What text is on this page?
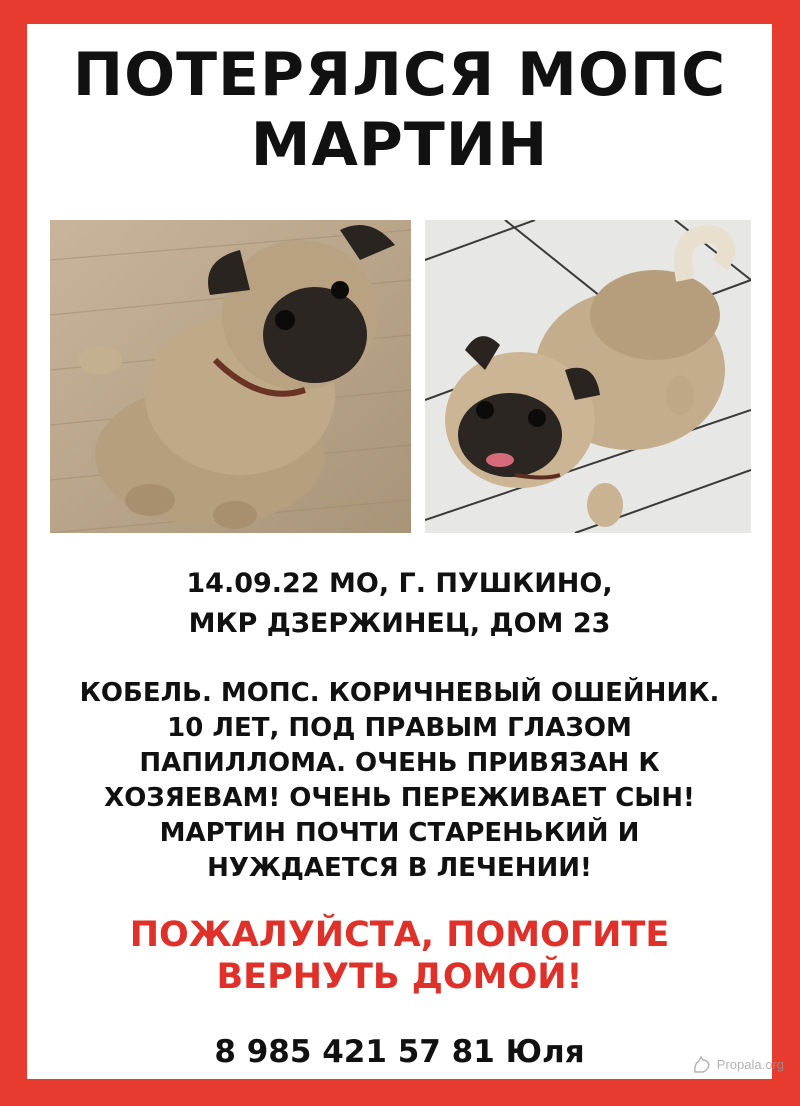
ПОТЕРЯЛСЯ МОПС
МАРТИН
14.09.22 МО, Г. ПУШКИНО,
МКР ДЗЕРЖИНЕЦ, ДОМ 23
КОБЕЛЬ. МОПС. КОРИЧНЕВЫЙ ОШЕЙНИК.
10 ЛЕТ, ПОД ПРАВЫМ ГЛАЗОМ
ПАПИЛЛОМА. ОЧЕНЬ ПРИВЯЗАН К
ХОЗЯЕВАМ! ОЧЕНЬ ПЕРЕЖИВАЕТ СЫН!
МАРТИН ПОЧТИ СТАРЕНЬКИЙ И
НУЖДАЕТСЯ В ЛЕЧЕНИИ!
ПОЖАЛУЙСТА, ПОМОГИТЕ
ВЕРНУТЬ ДОМОЙ!
8 985 421 57 81 Юля	Propala.org
